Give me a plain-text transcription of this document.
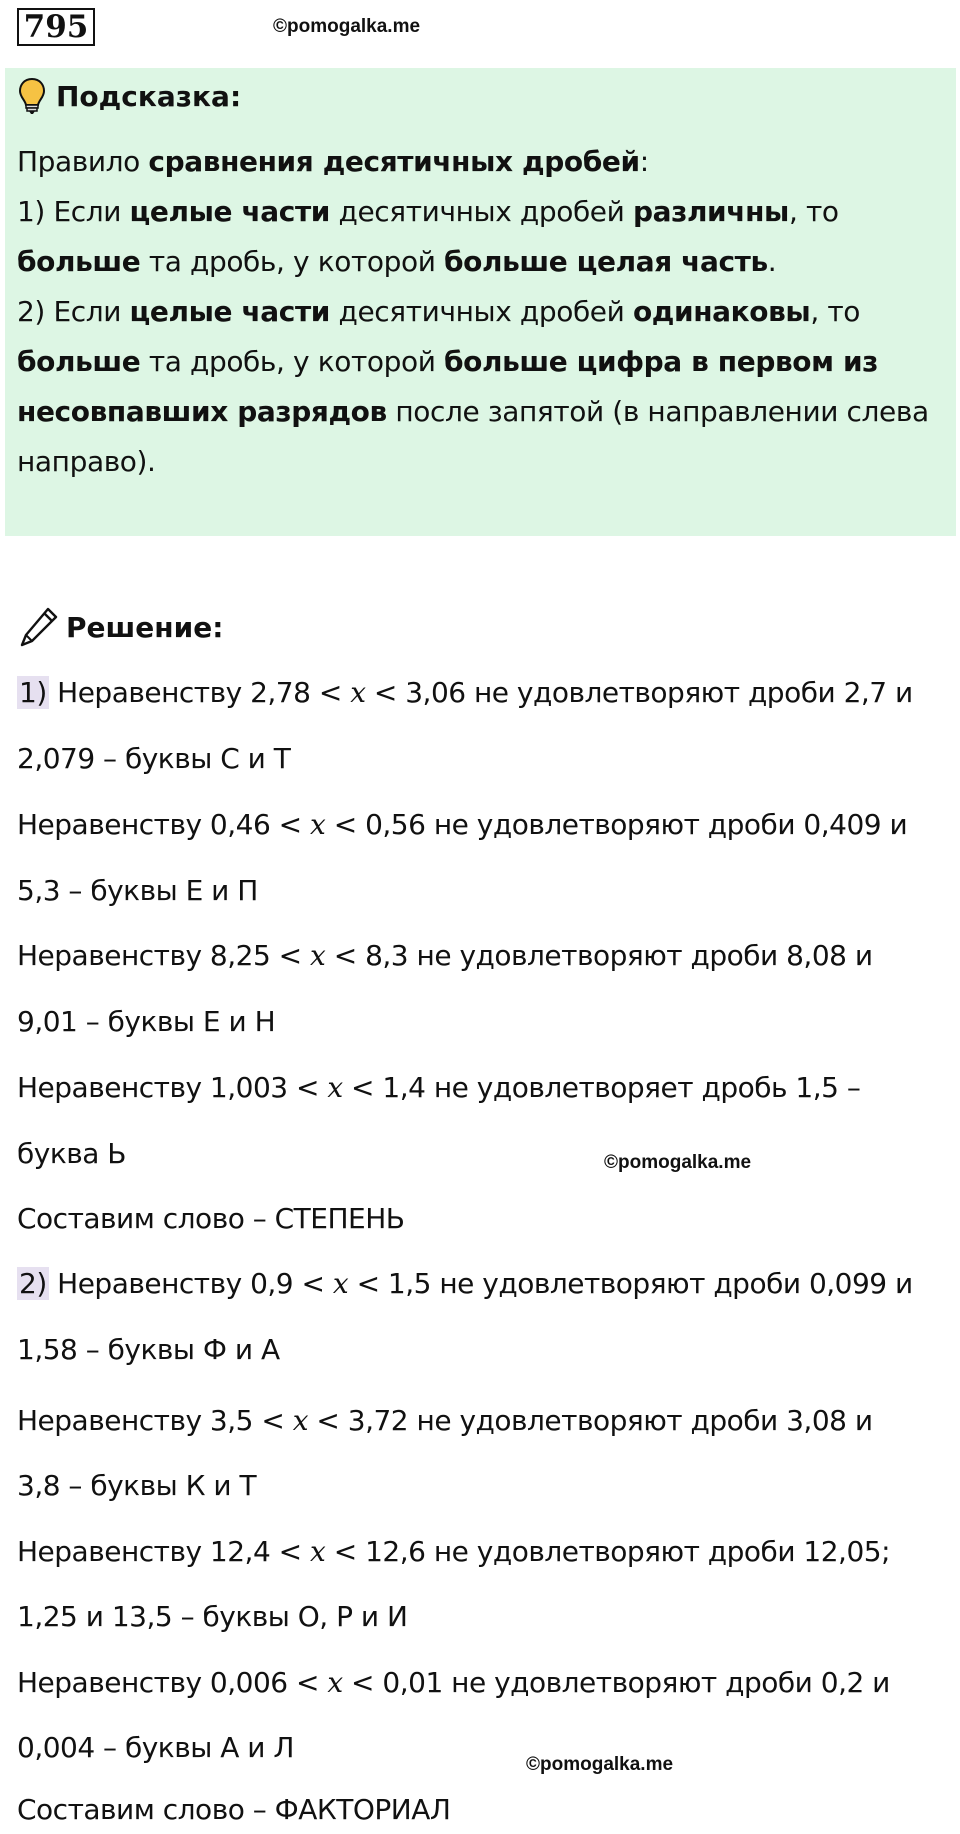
795	©pomogalka.me
Подсказка:
Правило сравнения десятичных дробей:
1) Если целые части десятичных дробей различны, то
больше та дробь, у которой больше целая часть.
2) Если целые части десятичных дробей одинаковы, то
больше та дробь, у которой больше цифра в первом из
несовпавших разрядов после запятой (в направлении слева
направо).
Решение:
1) Неравенству 2,78 < 𝑥 < 3,06 не удовлетворяют дроби 2,7 и
2,079 – буквы С и Т
Неравенству 0,46 < 𝑥 < 0,56 не удовлетворяют дроби 0,409 и
5,3 – буквы Е и П
Неравенству 8,25 < 𝑥 < 8,3 не удовлетворяют дроби 8,08 и
9,01 – буквы Е и Н
Неравенству 1,003 < 𝑥 < 1,4 не удовлетворяет дробь 1,5 –
буква Ь	©pomogalka.me
Составим слово – СТЕПЕНЬ
2) Неравенству 0,9 < 𝑥 < 1,5 не удовлетворяют дроби 0,099 и
1,58 – буквы Ф и А
Неравенству 3,5 < 𝑥 < 3,72 не удовлетворяют дроби 3,08 и
3,8 – буквы К и Т
Неравенству 12,4 < 𝑥 < 12,6 не удовлетворяют дроби 12,05;
1,25 и 13,5 – буквы О, Р и И
Неравенству 0,006 < 𝑥 < 0,01 не удовлетворяют дроби 0,2 и
0,004 – буквы А и Л
©pomogalka.me
Составим слово – ФАКТОРИАЛ
